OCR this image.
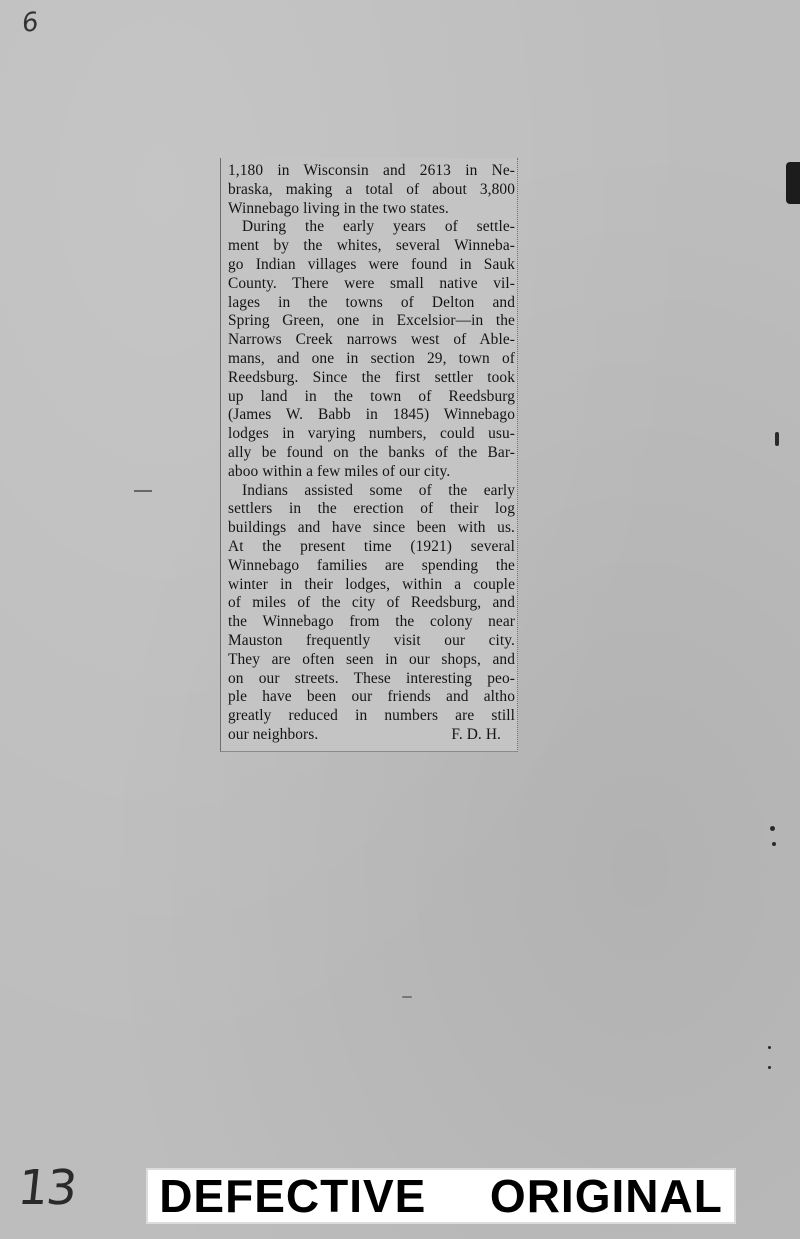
6
1,180 in Wisconsin and 2613 in Ne-
braska, making a total of about 3,800
Winnebago living in the two states.
During the early years of settle-
ment by the whites, several Winneba-
go Indian villages were found in Sauk
County. There were small native vil-
lages in the towns of Delton and
Spring Green, one in Excelsior—in the
Narrows Creek narrows west of Able-
mans, and one in section 29, town of
Reedsburg. Since the first settler took
up land in the town of Reedsburg
(James W. Babb in 1845) Winnebago
lodges in varying numbers, could usu-
ally be found on the banks of the Bar-
aboo within a few miles of our city.
Indians assisted some of the early
settlers in the erection of their log
buildings and have since been with us.
At the present time (1921) several
Winnebago families are spending the
winter in their lodges, within a couple
of miles of the city of Reedsburg, and
the Winnebago from the colony near
Mauston frequently visit our city.
They are often seen in our shops, and
on our streets. These interesting peo-
ple have been our friends and altho
greatly reduced in numbers are still
our neighbors.	F. D. H.
13 DEFECTIVE  ORIGINAL
